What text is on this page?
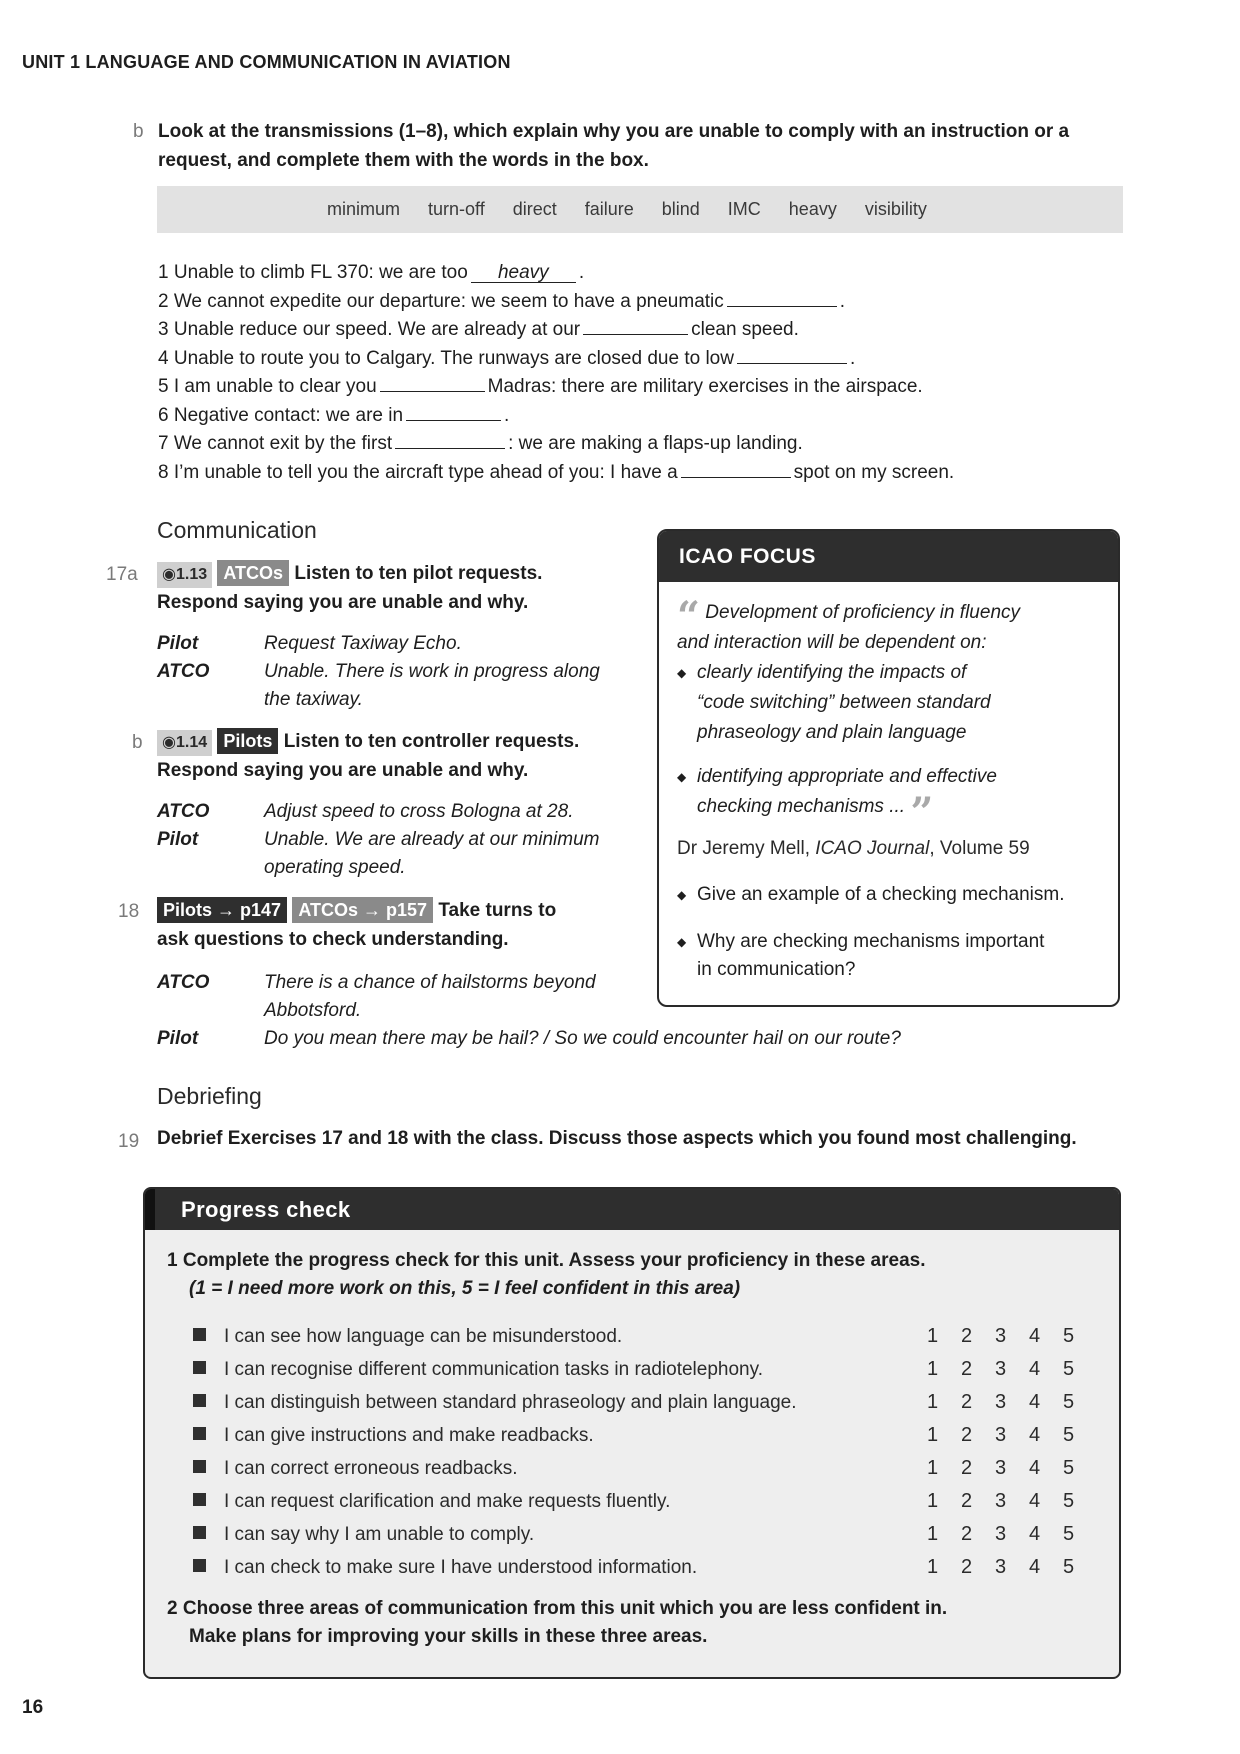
UNIT 1 LANGUAGE AND COMMUNICATION IN AVIATION
b Look at the transmissions (1–8), which explain why you are unable to comply with an instruction or a
request, and complete them with the words in the box.
minimum turn-off direct failure blind IMC heavy visibility
1 Unable to climb FL 370: we are too heavy .
2 We cannot expedite our departure: we seem to have a pneumatic	.
3 Unable reduce our speed. We are already at our	clean speed.
4 Unable to route you to Calgary. The runways are closed due to low	.
5 I am unable to clear you	Madras: there are military exercises in the airspace.
6 Negative contact: we are in	.
7 We cannot exit by the first	: we are making a flaps-up landing.
8 I’m unable to tell you the aircraft type ahead of you: I have a	spot on my screen.
Communication
17a	◉1.13 ATCOs Listen to ten pilot requests.
Respond saying you are unable and why.
Pilot	Request Taxiway Echo.
ATCO	Unable. There is work in progress along
the taxiway.
b	◉1.14 Pilots Listen to ten controller requests.
Respond saying you are unable and why.
ATCO	Adjust speed to cross Bologna at 28.
Pilot	Unable. We are already at our minimum
operating speed.
18	Pilots → p147 ATCOs → p157 Take turns to
ask questions to check understanding.
ATCO	There is a chance of hailstorms beyond
Abbotsford.
Pilot	Do you mean there may be hail? / So we could encounter hail on our route?
ICAO FOCUS
“ Development of proficiency in fluency
and interaction will be dependent on:
◆ clearly identifying the impacts of
“code switching” between standard
phraseology and plain language
◆ identifying appropriate and effective
checking mechanisms ... ”
Dr Jeremy Mell, ICAO Journal, Volume 59
◆ Give an example of a checking mechanism.
◆ Why are checking mechanisms important
in communication?
Debriefing
19 Debrief Exercises 17 and 18 with the class. Discuss those aspects which you found most challenging.
Progress check
1 Complete the progress check for this unit. Assess your proficiency in these areas.
(1 = I need more work on this, 5 = I feel confident in this area)
I can see how language can be misunderstood.	1 2 3 4 5
I can recognise different communication tasks in radiotelephony.	1 2 3 4 5
I can distinguish between standard phraseology and plain language.	1 2 3 4 5
I can give instructions and make readbacks.	1 2 3 4 5
I can correct erroneous readbacks.	1 2 3 4 5
I can request clarification and make requests fluently.	1 2 3 4 5
I can say why I am unable to comply.	1 2 3 4 5
I can check to make sure I have understood information.	1 2 3 4 5
2 Choose three areas of communication from this unit which you are less confident in.
Make plans for improving your skills in these three areas.
16
